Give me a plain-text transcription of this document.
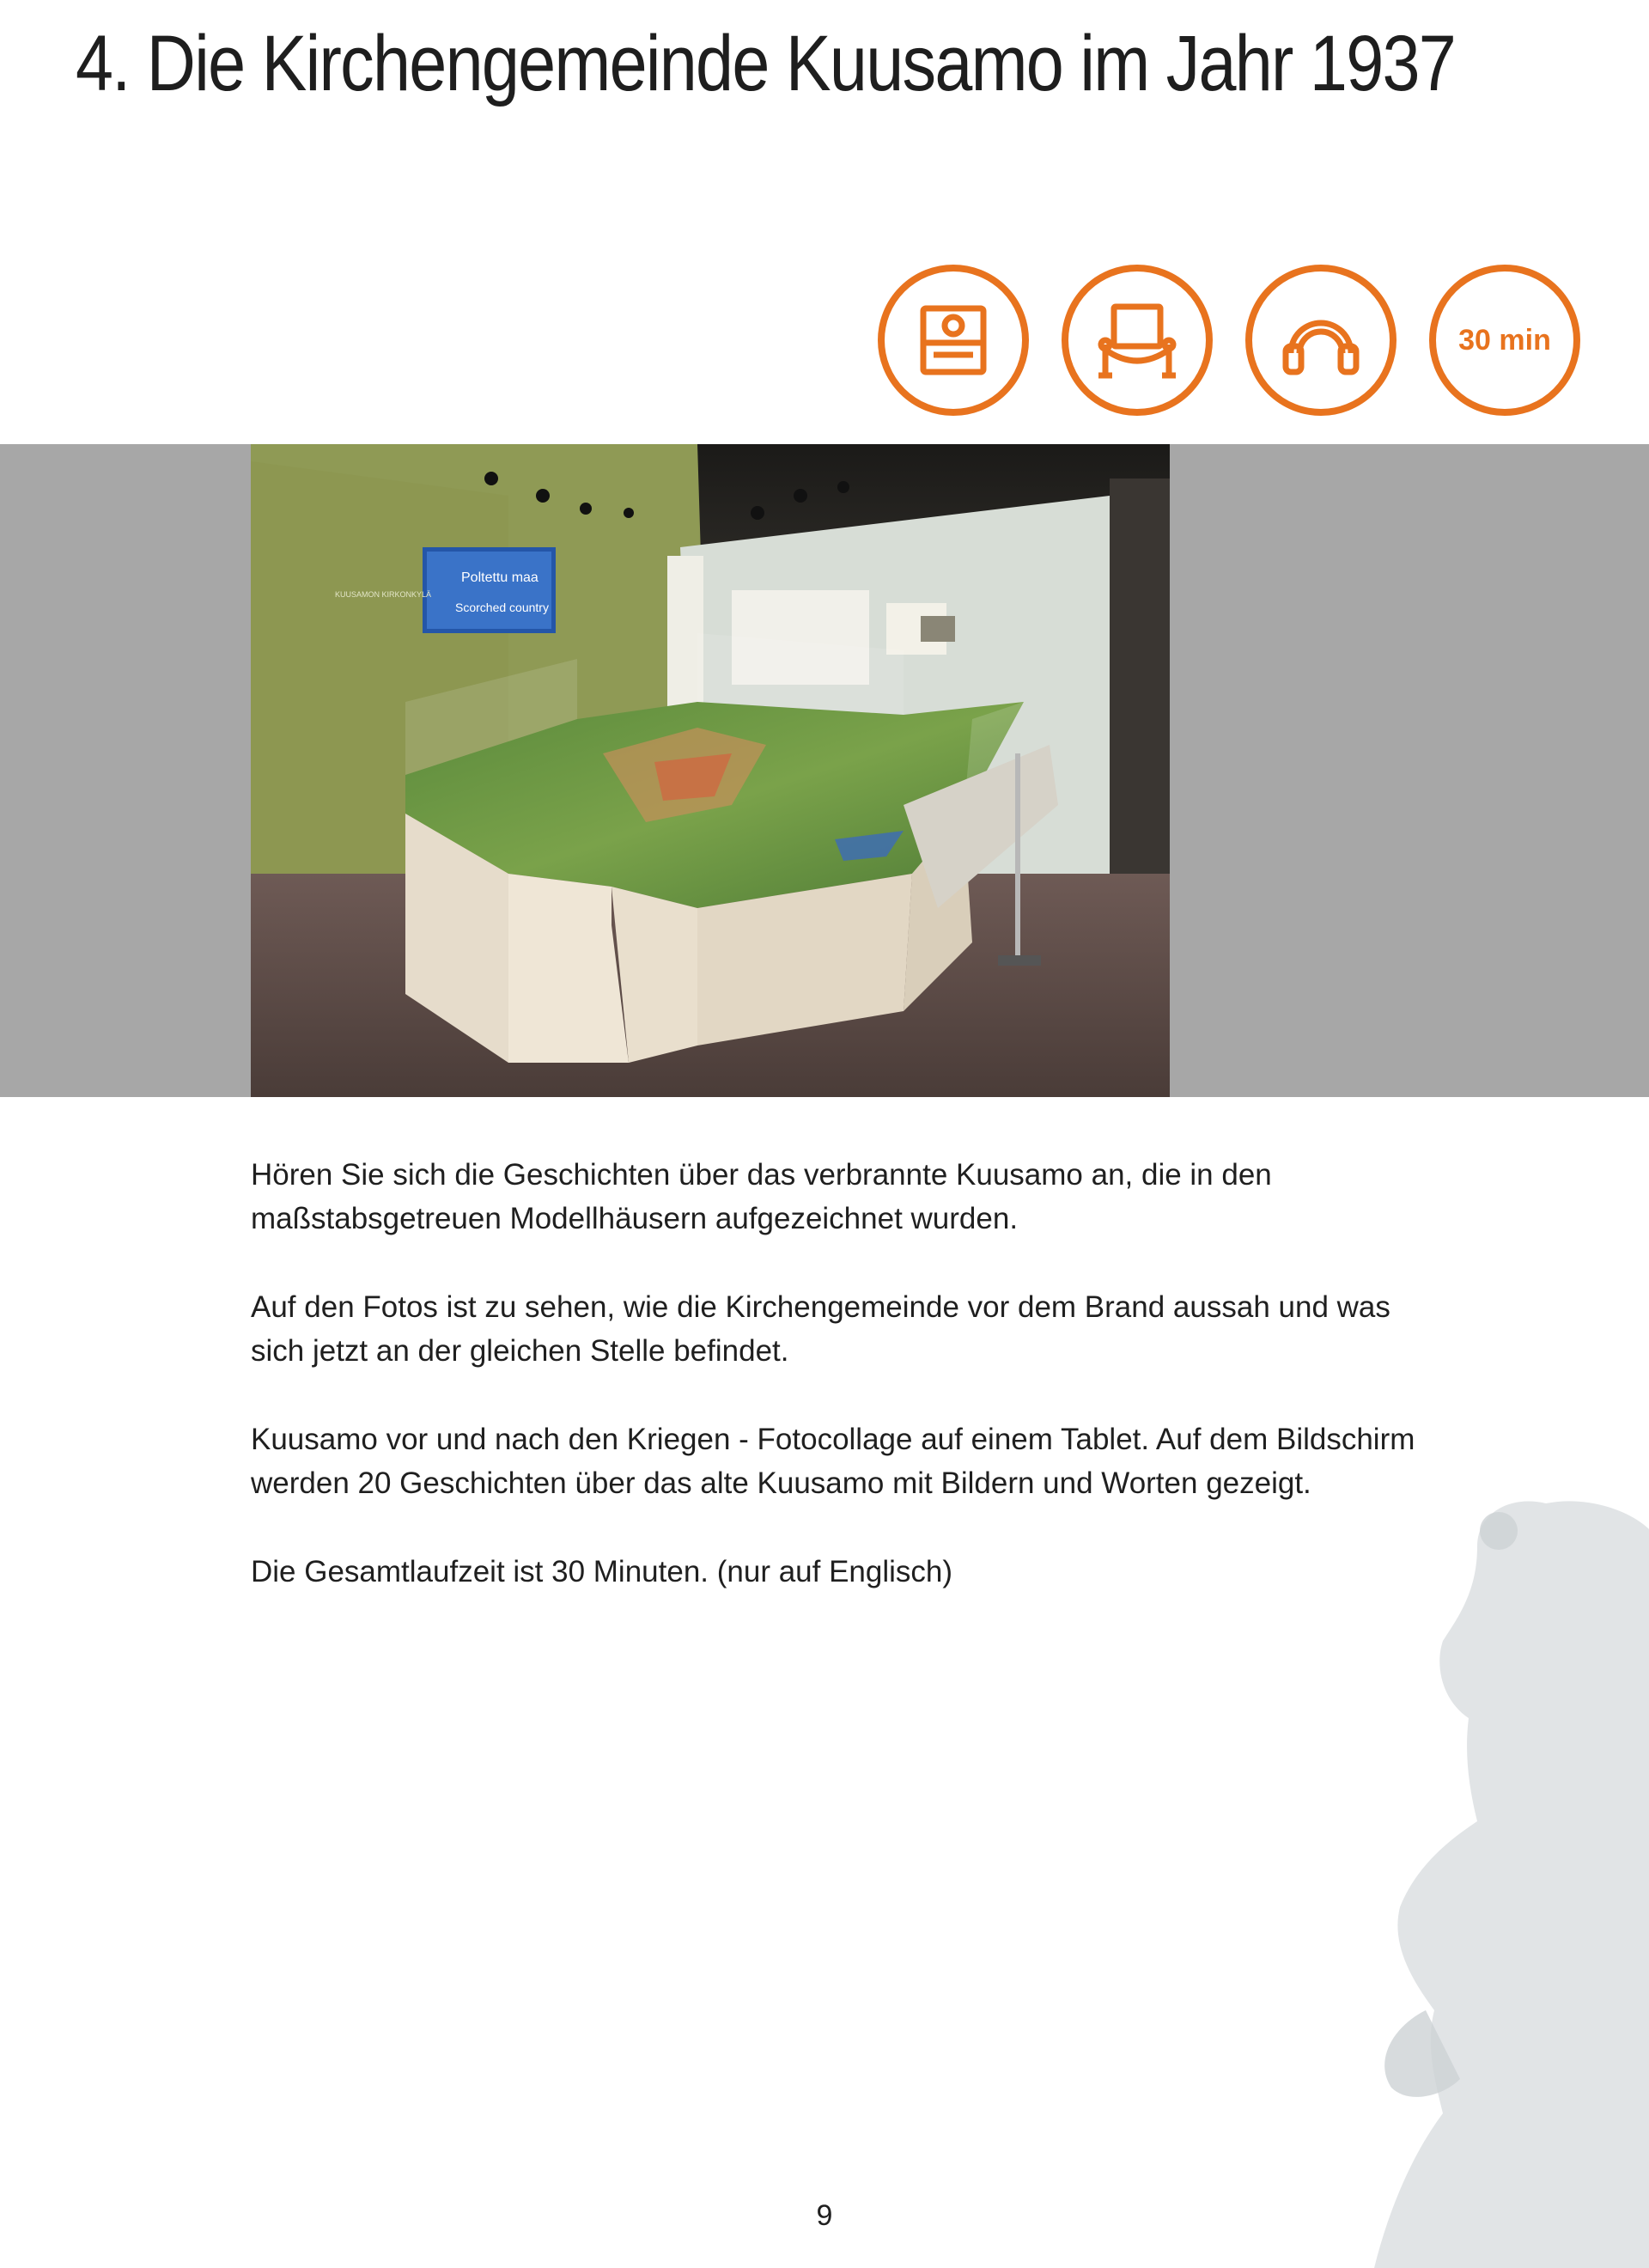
4. Die Kirchengemeinde Kuusamo im Jahr 1937
30 min
Poltettu maa
Scorched country
KUUSAMON KIRKONKYLÄ

Hören Sie sich die Geschichten über das verbrannte Kuusamo an, die in den maßstabsgetreuen Modellhäusern aufgezeichnet wurden.

Auf den Fotos ist zu sehen, wie die Kirchengemeinde vor dem Brand aussah und was sich jetzt an der gleichen Stelle befindet.

Kuusamo vor und nach den Kriegen - Fotocollage auf einem Tablet. Auf dem Bildschirm werden 20 Geschichten über das alte Kuusamo mit Bildern und Worten gezeigt.

Die Gesamtlaufzeit ist 30 Minuten. (nur auf Englisch)

9
